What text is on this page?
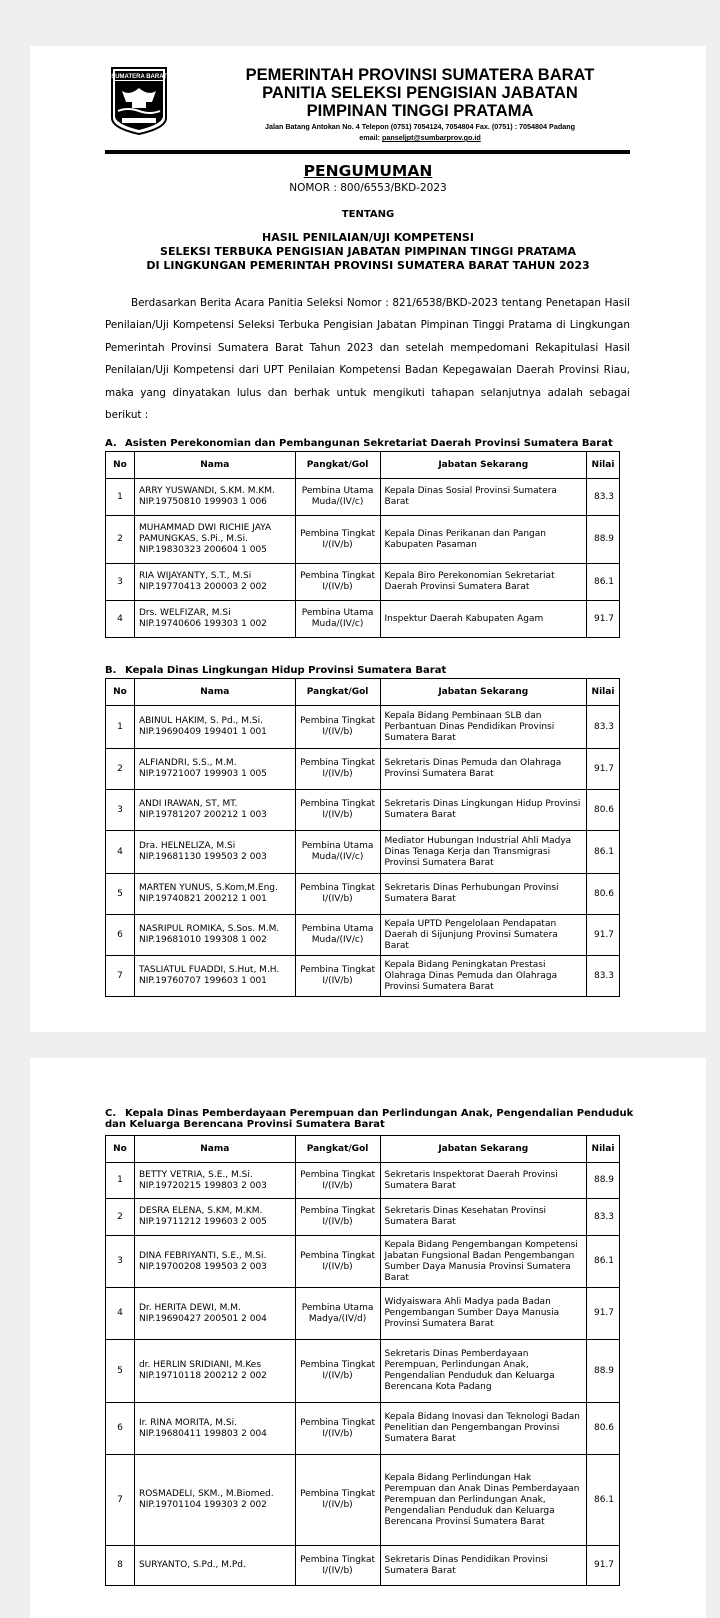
SUMATERA BARAT	PEMERINTAH PROVINSI SUMATERA BARAT
PANITIA SELEKSI PENGISIAN JABATAN
PIMPINAN TINGGI PRATAMA
Jalan Batang Antokan No. 4 Telepon (0751) 7054124, 7054804 Fax. (0751) : 7054804 Padang
email: panseljpt@sumbarprov.go.id
PENGUMUMAN
NOMOR : 800/6553/BKD-2023
TENTANG
HASIL PENILAIAN/UJI KOMPETENSI
SELEKSI TERBUKA PENGISIAN JABATAN PIMPINAN TINGGI PRATAMA
DI LINGKUNGAN PEMERINTAH PROVINSI SUMATERA BARAT TAHUN 2023
Berdasarkan Berita Acara Panitia Seleksi Nomor : 821/6538/BKD-2023 tentang Penetapan Hasil Penilaian/Uji Kompetensi Seleksi Terbuka Pengisian Jabatan Pimpinan Tinggi Pratama di Lingkungan Pemerintah Provinsi Sumatera Barat Tahun 2023 dan setelah mempedomani Rekapitulasi Hasil Penilaian/Uji Kompetensi dari UPT Penilaian Kompetensi Badan Kepegawaian Daerah Provinsi Riau, maka yang dinyatakan lulus dan berhak untuk mengikuti tahapan selanjutnya adalah sebagai berikut :
A. Asisten Perekonomian dan Pembangunan Sekretariat Daerah Provinsi Sumatera Barat
No	Nama	Pangkat/Gol	Jabatan Sekarang	Nilai
1	ARRY YUSWANDI, S.KM. M.KM.
NIP.19750810 199903 1 006	Pembina Utama Muda/(IV/c)	Kepala Dinas Sosial Provinsi Sumatera Barat	83.3
2	MUHAMMAD DWI RICHIE JAYA PAMUNGKAS, S.Pi., M.Si.
NIP.19830323 200604 1 005	Pembina Tingkat I/(IV/b)	Kepala Dinas Perikanan dan Pangan Kabupaten Pasaman	88.9
3	RIA WIJAYANTY, S.T., M.Si
NIP.19770413 200003 2 002	Pembina Tingkat I/(IV/b)	Kepala Biro Perekonomian Sekretariat Daerah Provinsi Sumatera Barat	86.1
4	Drs. WELFIZAR, M.Si
NIP.19740606 199303 1 002	Pembina Utama Muda/(IV/c)	Inspektur Daerah Kabupaten Agam	91.7
B. Kepala Dinas Lingkungan Hidup Provinsi Sumatera Barat
No	Nama	Pangkat/Gol	Jabatan Sekarang	Nilai
1	ABINUL HAKIM, S. Pd., M.Si.
NIP.19690409 199401 1 001	Pembina Tingkat I/(IV/b)	Kepala Bidang Pembinaan SLB dan Perbantuan Dinas Pendidikan Provinsi Sumatera Barat	83.3
2	ALFIANDRI, S.S., M.M.
NIP.19721007 199903 1 005	Pembina Tingkat I/(IV/b)	Sekretaris Dinas Pemuda dan Olahraga Provinsi Sumatera Barat	91.7
3	ANDI IRAWAN, ST, MT.
NIP.19781207 200212 1 003	Pembina Tingkat I/(IV/b)	Sekretaris Dinas Lingkungan Hidup Provinsi Sumatera Barat	80.6
4	Dra. HELNELIZA, M.Si
NIP.19681130 199503 2 003	Pembina Utama Muda/(IV/c)	Mediator Hubungan Industrial Ahli Madya Dinas Tenaga Kerja dan Transmigrasi Provinsi Sumatera Barat	86.1
5	MARTEN YUNUS, S.Kom,M.Eng.
NIP.19740821 200212 1 001	Pembina Tingkat I/(IV/b)	Sekretaris Dinas Perhubungan Provinsi Sumatera Barat	80.6
6	NASRIPUL ROMIKA, S.Sos. M.M.
NIP.19681010 199308 1 002	Pembina Utama Muda/(IV/c)	Kepala UPTD Pengelolaan Pendapatan Daerah di Sijunjung Provinsi Sumatera Barat	91.7
7	TASLIATUL FUADDI, S.Hut, M.H.
NIP.19760707 199603 1 001	Pembina Tingkat I/(IV/b)	Kepala Bidang Peningkatan Prestasi Olahraga Dinas Pemuda dan Olahraga Provinsi Sumatera Barat	83.3
C. Kepala Dinas Pemberdayaan Perempuan dan Perlindungan Anak, Pengendalian Penduduk dan Keluarga Berencana Provinsi Sumatera Barat
No	Nama	Pangkat/Gol	Jabatan Sekarang	Nilai
1	BETTY VETRIA, S.E., M.Si.
NIP.19720215 199803 2 003	Pembina Tingkat I/(IV/b)	Sekretaris Inspektorat Daerah Provinsi Sumatera Barat	88.9
2	DESRA ELENA, S.KM, M.KM.
NIP.19711212 199603 2 005	Pembina Tingkat I/(IV/b)	Sekretaris Dinas Kesehatan Provinsi Sumatera Barat	83.3
3	DINA FEBRIYANTI, S.E., M.Si.
NIP.19700208 199503 2 003	Pembina Tingkat I/(IV/b)	Kepala Bidang Pengembangan Kompetensi Jabatan Fungsional Badan Pengembangan Sumber Daya Manusia Provinsi Sumatera Barat	86.1
4	Dr. HERITA DEWI, M.M.
NIP.19690427 200501 2 004	Pembina Utama Madya/(IV/d)	Widyaiswara Ahli Madya pada Badan Pengembangan Sumber Daya Manusia Provinsi Sumatera Barat	91.7
5	dr. HERLIN SRIDIANI, M.Kes
NIP.19710118 200212 2 002	Pembina Tingkat I/(IV/b)	Sekretaris Dinas Pemberdayaan Perempuan, Perlindungan Anak, Pengendalian Penduduk dan Keluarga Berencana Kota Padang	88.9
6	Ir. RINA MORITA, M.Si.
NIP.19680411 199803 2 004	Pembina Tingkat I/(IV/b)	Kepala Bidang Inovasi dan Teknologi Badan Penelitian dan Pengembangan Provinsi Sumatera Barat	80.6
7	ROSMADELI, SKM., M.Biomed.
NIP.19701104 199303 2 002	Pembina Tingkat I/(IV/b)	Kepala Bidang Perlindungan Hak Perempuan dan Anak Dinas Pemberdayaan Perempuan dan Perlindungan Anak, Pengendalian Penduduk dan Keluarga Berencana Provinsi Sumatera Barat	86.1
8	SURYANTO, S.Pd., M.Pd.	Pembina Tingkat I/(IV/b)	Sekretaris Dinas Pendidikan Provinsi Sumatera Barat	91.7
